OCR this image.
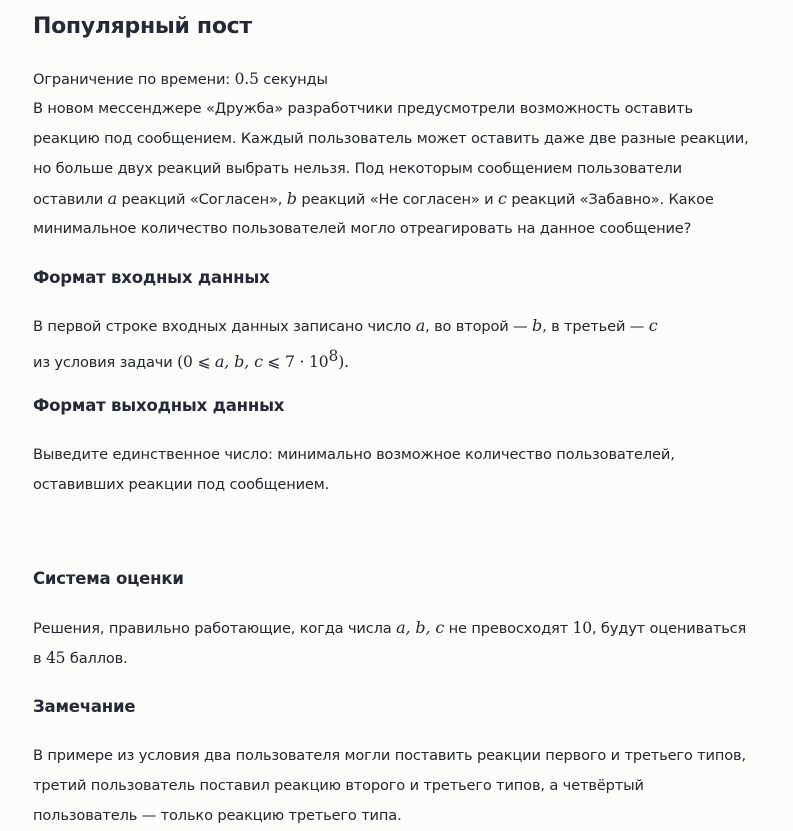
Популярный пост

Ограничение по времени: 0.5 секунды

В новом мессенджере «Дружба» разработчики предусмотрели возможность оставить

реакцию под сообщением. Каждый пользователь может оставить даже две разные реакции,

но больше двух реакций выбрать нельзя. Под некоторым сообщением пользователи

оставили a реакций «Согласен», b реакций «Не согласен» и c реакций «Забавно». Какое

минимальное количество пользователей могло отреагировать на данное сообщение?

Формат входных данных

В первой строке входных данных записано число a, во второй — b, в третьей — c

из условия задачи (0 ⩽ a, b, c ⩽ $7 \cdot 10^8$).

Формат выходных данных

Выведите единственное число: минимально возможное количество пользователей,

оставивших реакции под сообщением.

Система оценки

Решения, правильно работающие, когда числа a, b, c не превосходят 10, будут оцениваться

в 45 баллов.

Замечание

В примере из условия два пользователя могли поставить реакции первого и третьего типов,

третий пользователь поставил реакцию второго и третьего типов, а четвёртый

пользователь — только реакцию третьего типа.
